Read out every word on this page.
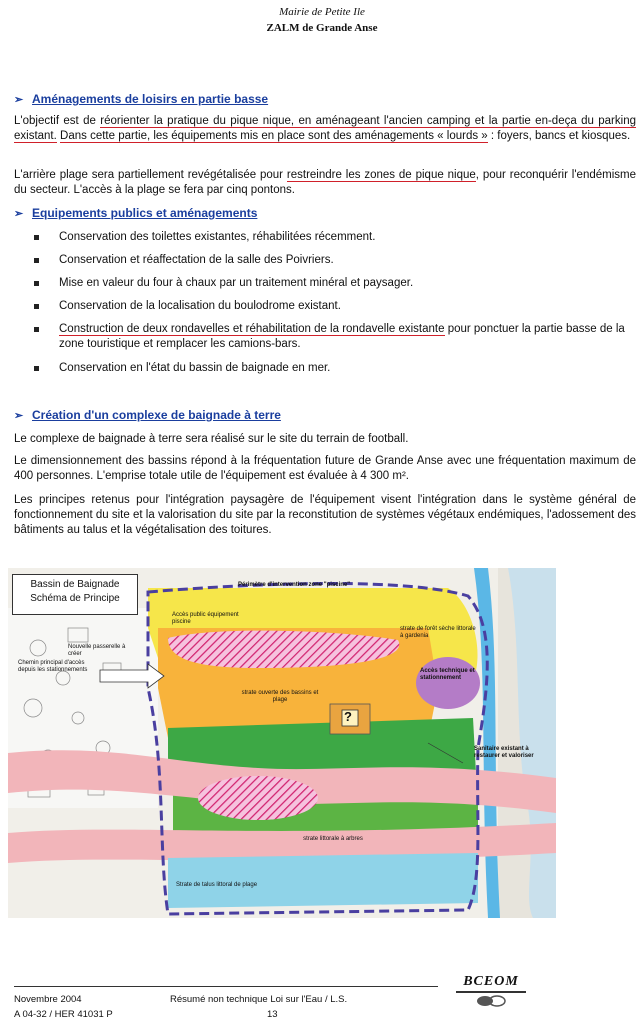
Mairie de Petite Ile
ZALM de Grande Anse
➢ Aménagements de loisirs en partie basse
L'objectif est de réorienter la pratique du pique nique, en aménageant l'ancien camping et la partie en-deça du parking existant. Dans cette partie, les équipements mis en place sont des aménagements « lourds » : foyers, bancs et kiosques.
L'arrière plage sera partiellement revégétalisée pour restreindre les zones de pique nique, pour reconquérir l'endémisme du secteur. L'accès à la plage se fera par cinq pontons.
➢ Equipements publics et aménagements
Conservation des toilettes existantes, réhabilitées récemment.
Conservation et réaffectation de la salle des Poivriers.
Mise en valeur du four à chaux par un traitement minéral et paysager.
Conservation de la localisation du boulodrome existant.
Construction de deux rondavelles et réhabilitation de la rondavelle existante pour ponctuer la partie basse de la zone touristique et remplacer les camions-bars.
Conservation en l'état du bassin de baignade en mer.
➢ Création d'un complexe de baignade à terre
Le complexe de baignade à terre sera réalisé sur le site du terrain de football.
Le dimensionnement des bassins répond à la fréquentation future de Grande Anse avec une fréquentation maximum de 400 personnes. L'emprise totale utile de l'équipement est évaluée à 4 300 m².
Les principes retenus pour l'intégration paysagère de l'équipement visent l'intégration dans le système général de fonctionnement du site et la valorisation du site par la reconstitution de systèmes végétaux endémiques, l'adossement des bâtiments au talus et la végétalisation des toitures.
Périmètre d'intervention zone "piscine"
Accès public équipement piscine
strate ouverte des bassins et plage
strate de forêt sèche littorale à gardenia
Accès technique et stationnement
Sanitaire existant à restaurer et valoriser
strate littorale à arbres
Strate de talus littoral de plage
Chemin principal d'accès depuis les stationnements
Nouvelle passerelle à créer
?
Bassin de Baignade
Schéma de Principe
Novembre 2004
A 04-32 / HER 41031 P
Résumé non technique Loi sur l'Eau / L.S.
13
BCEOM
